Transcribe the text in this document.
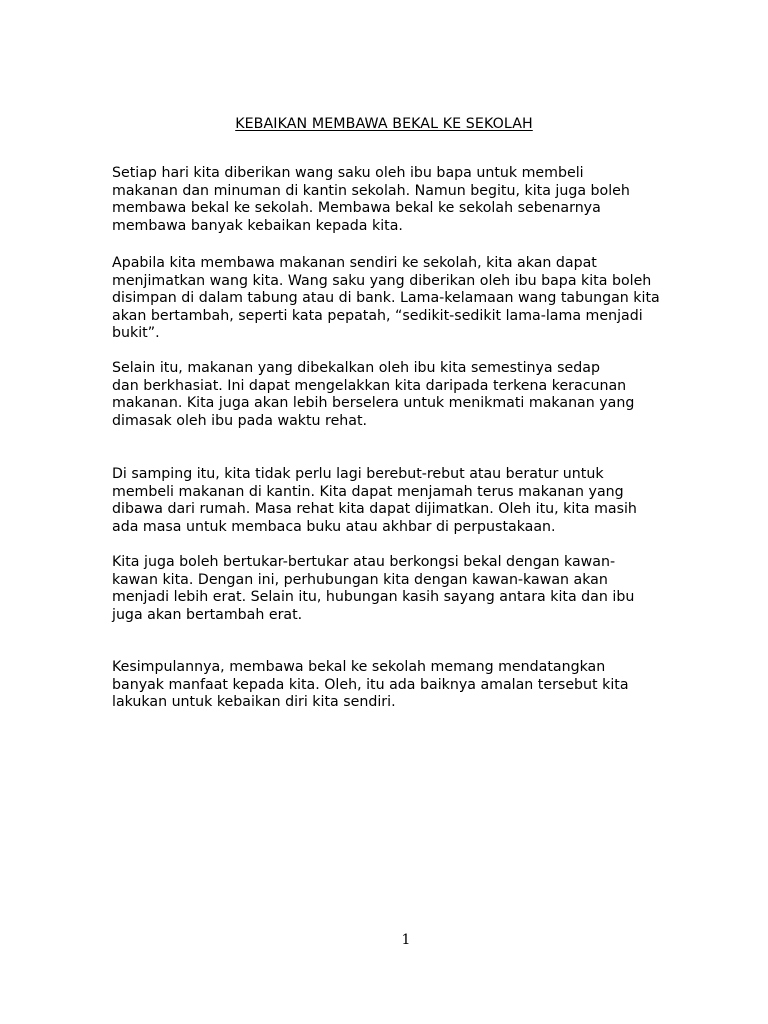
KEBAIKAN MEMBAWA BEKAL KE SEKOLAH

Setiap hari kita diberikan wang saku oleh ibu bapa untuk membeli
makanan dan minuman di kantin sekolah. Namun begitu, kita juga boleh
membawa bekal ke sekolah. Membawa bekal ke sekolah sebenarnya
membawa banyak kebaikan kepada kita.

Apabila kita membawa makanan sendiri ke sekolah, kita akan dapat
menjimatkan wang kita. Wang saku yang diberikan oleh ibu bapa kita boleh
disimpan di dalam tabung atau di bank. Lama-kelamaan wang tabungan kita
akan bertambah, seperti kata pepatah, “sedikit-sedikit lama-lama menjadi
bukit”.

Selain itu, makanan yang dibekalkan oleh ibu kita semestinya sedap
dan berkhasiat. Ini dapat mengelakkan kita daripada terkena keracunan
makanan. Kita juga akan lebih berselera untuk menikmati makanan yang
dimasak oleh ibu pada waktu rehat.

Di samping itu, kita tidak perlu lagi berebut-rebut atau beratur untuk
membeli makanan di kantin. Kita dapat menjamah terus makanan yang
dibawa dari rumah. Masa rehat kita dapat dijimatkan. Oleh itu, kita masih
ada masa untuk membaca buku atau akhbar di perpustakaan.

Kita juga boleh bertukar-bertukar atau berkongsi bekal dengan kawan-
kawan kita. Dengan ini, perhubungan kita dengan kawan-kawan akan
menjadi lebih erat. Selain itu, hubungan kasih sayang antara kita dan ibu
juga akan bertambah erat.

Kesimpulannya, membawa bekal ke sekolah memang mendatangkan
banyak manfaat kepada kita. Oleh, itu ada baiknya amalan tersebut kita
lakukan untuk kebaikan diri kita sendiri.

1
